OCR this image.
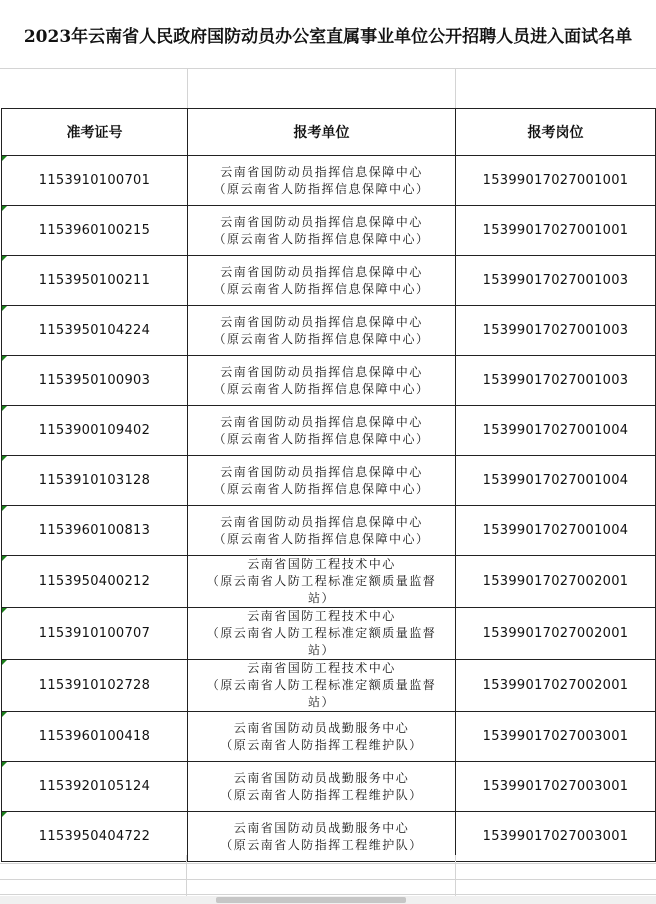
2023年云南省人民政府国防动员办公室直属事业单位公开招聘人员进入面试名单
准考证号	报考单位	报考岗位

1153910100701	云南省国防动员指挥信息保障中心
（原云南省人防指挥信息保障中心）	15399017027001001

1153960100215	云南省国防动员指挥信息保障中心
（原云南省人防指挥信息保障中心）	15399017027001001

1153950100211	云南省国防动员指挥信息保障中心
（原云南省人防指挥信息保障中心）	15399017027001003

1153950104224	云南省国防动员指挥信息保障中心
（原云南省人防指挥信息保障中心）	15399017027001003

1153950100903	云南省国防动员指挥信息保障中心
（原云南省人防指挥信息保障中心）	15399017027001003

1153900109402	云南省国防动员指挥信息保障中心
（原云南省人防指挥信息保障中心）	15399017027001004

1153910103128	云南省国防动员指挥信息保障中心
（原云南省人防指挥信息保障中心）	15399017027001004

1153960100813	云南省国防动员指挥信息保障中心
（原云南省人防指挥信息保障中心）	15399017027001004

1153950400212	云南省国防工程技术中心
（原云南省人防工程标准定额质量监督
站）	15399017027002001

1153910100707	云南省国防工程技术中心
（原云南省人防工程标准定额质量监督
站）	15399017027002001

1153910102728	云南省国防工程技术中心
（原云南省人防工程标准定额质量监督
站）	15399017027002001

1153960100418	云南省国防动员战勤服务中心
（原云南省人防指挥工程维护队）	15399017027003001

1153920105124	云南省国防动员战勤服务中心
（原云南省人防指挥工程维护队）	15399017027003001

1153950404722	云南省国防动员战勤服务中心
（原云南省人防指挥工程维护队）	15399017027003001
